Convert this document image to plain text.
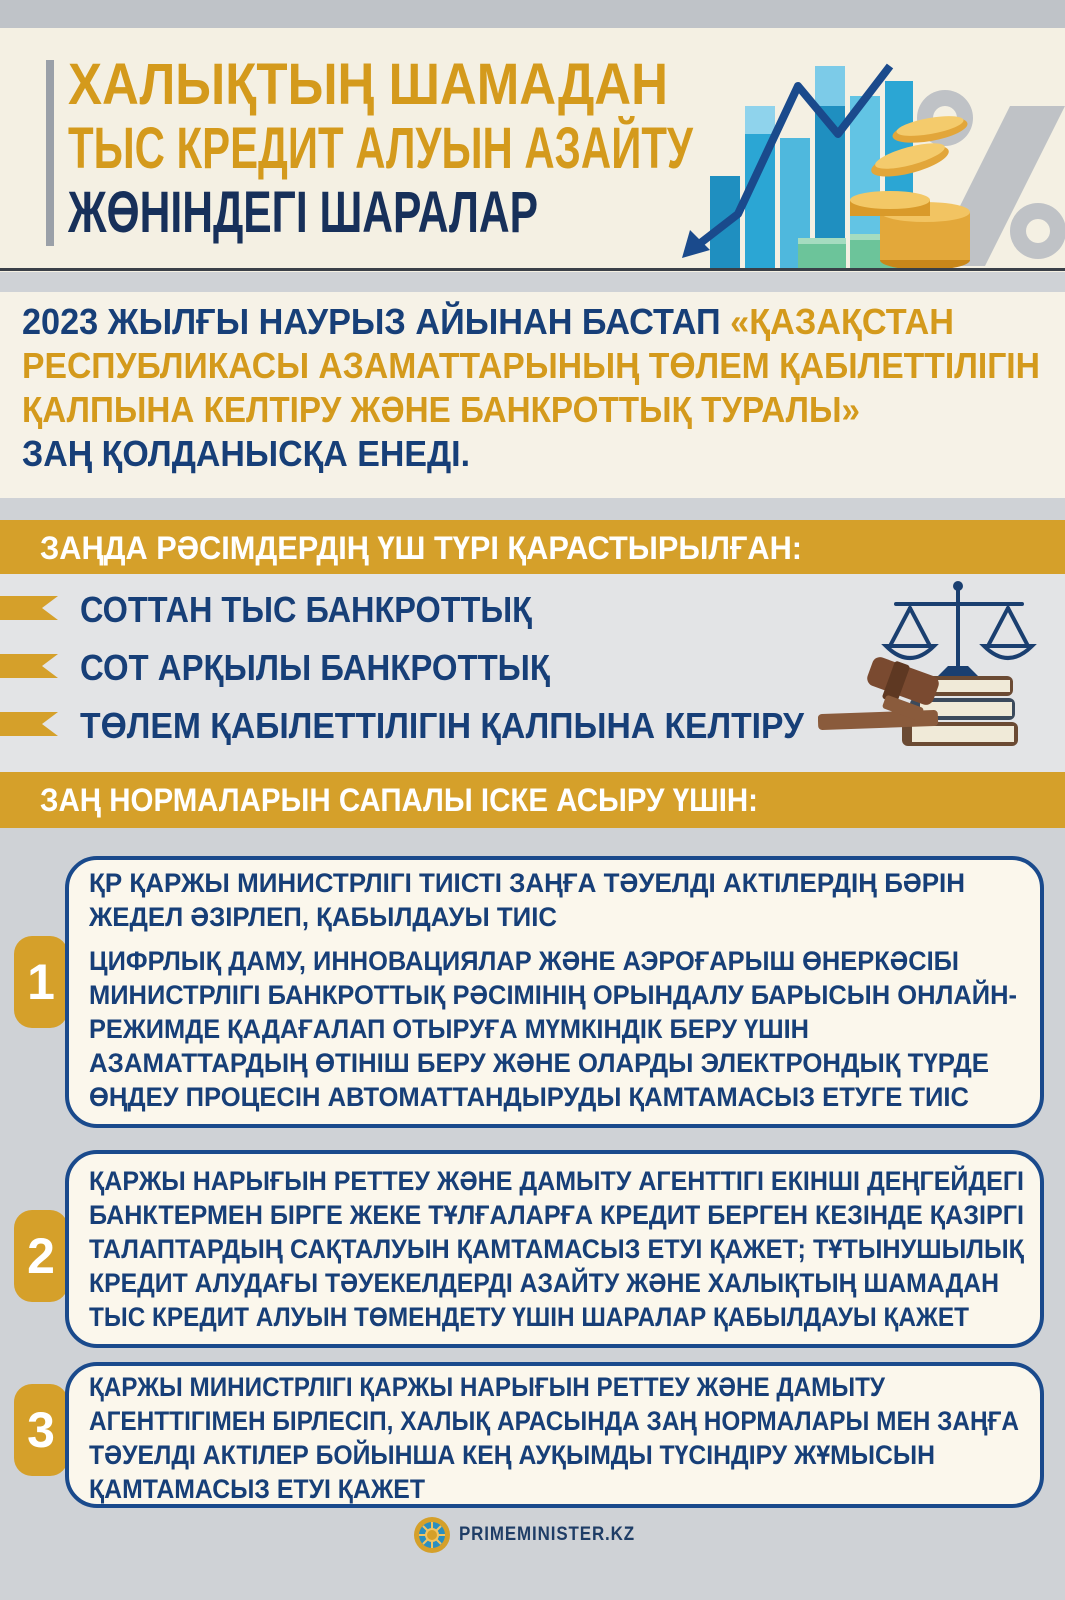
ХАЛЫҚТЫҢ ШАМАДАН
ТЫС КРЕДИТ АЛУЫН АЗАЙТУ
ЖӨНІНДЕГІ ШАРАЛАР
2023 ЖЫЛҒЫ НАУРЫЗ АЙЫНАН БАСТАП «ҚАЗАҚСТАН
РЕСПУБЛИКАСЫ АЗАМАТТАРЫНЫҢ ТӨЛЕМ ҚАБІЛЕТТІЛІГІН
ҚАЛПЫНА КЕЛТІРУ ЖӘНЕ БАНКРОТТЫҚ ТУРАЛЫ»
ЗАҢ ҚОЛДАНЫСҚА ЕНЕДІ.
ЗАҢДА РӘСІМДЕРДІҢ ҮШ ТҮРІ ҚАРАСТЫРЫЛҒАН:
СОТТАН ТЫС БАНКРОТТЫҚ
СОТ АРҚЫЛЫ БАНКРОТТЫҚ
ТӨЛЕМ ҚАБІЛЕТТІЛІГІН ҚАЛПЫНА КЕЛТІРУ
ЗАҢ НОРМАЛАРЫН САПАЛЫ ІСКЕ АСЫРУ ҮШІН:
1
ҚР ҚАРЖЫ МИНИСТРЛІГІ ТИІСТІ ЗАҢҒА ТӘУЕЛДІ АКТІЛЕРДІҢ БӘРІН
ЖЕДЕЛ ӘЗІРЛЕП, ҚАБЫЛДАУЫ ТИІС
ЦИФРЛЫҚ ДАМУ, ИННОВАЦИЯЛАР ЖӘНЕ АЭРОҒАРЫШ ӨНЕРКӘСІБІ
МИНИСТРЛІГІ БАНКРОТТЫҚ РӘСІМІНІҢ ОРЫНДАЛУ БАРЫСЫН ОНЛАЙН-
РЕЖИМДЕ ҚАДАҒАЛАП ОТЫРУҒА МҮМКІНДІК БЕРУ ҮШІН
АЗАМАТТАРДЫҢ ӨТІНІШ БЕРУ ЖӘНЕ ОЛАРДЫ ЭЛЕКТРОНДЫҚ ТҮРДЕ
ӨҢДЕУ ПРОЦЕСІН АВТОМАТТАНДЫРУДЫ ҚАМТАМАСЫЗ ЕТУГЕ ТИІС
2
ҚАРЖЫ НАРЫҒЫН РЕТТЕУ ЖӘНЕ ДАМЫТУ АГЕНТТІГІ ЕКІНШІ ДЕҢГЕЙДЕГІ
БАНКТЕРМЕН БІРГЕ ЖЕКЕ ТҰЛҒАЛАРҒА КРЕДИТ БЕРГЕН КЕЗІНДЕ ҚАЗІРГІ
ТАЛАПТАРДЫҢ САҚТАЛУЫН ҚАМТАМАСЫЗ ЕТУІ ҚАЖЕТ; ТҰТЫНУШЫЛЫҚ
КРЕДИТ АЛУДАҒЫ ТӘУЕКЕЛДЕРДІ АЗАЙТУ ЖӘНЕ ХАЛЫҚТЫҢ ШАМАДАН
ТЫС КРЕДИТ АЛУЫН ТӨМЕНДЕТУ ҮШІН ШАРАЛАР ҚАБЫЛДАУЫ ҚАЖЕТ
3
ҚАРЖЫ МИНИСТРЛІГІ ҚАРЖЫ НАРЫҒЫН РЕТТЕУ ЖӘНЕ ДАМЫТУ
АГЕНТТІГІМЕН БІРЛЕСІП, ХАЛЫҚ АРАСЫНДА ЗАҢ НОРМАЛАРЫ МЕН ЗАҢҒА
ТӘУЕЛДІ АКТІЛЕР БОЙЫНША КЕҢ АУҚЫМДЫ ТҮСІНДІРУ ЖҰМЫСЫН
ҚАМТАМАСЫЗ ЕТУІ ҚАЖЕТ
PRIMEMINISTER.KZ
